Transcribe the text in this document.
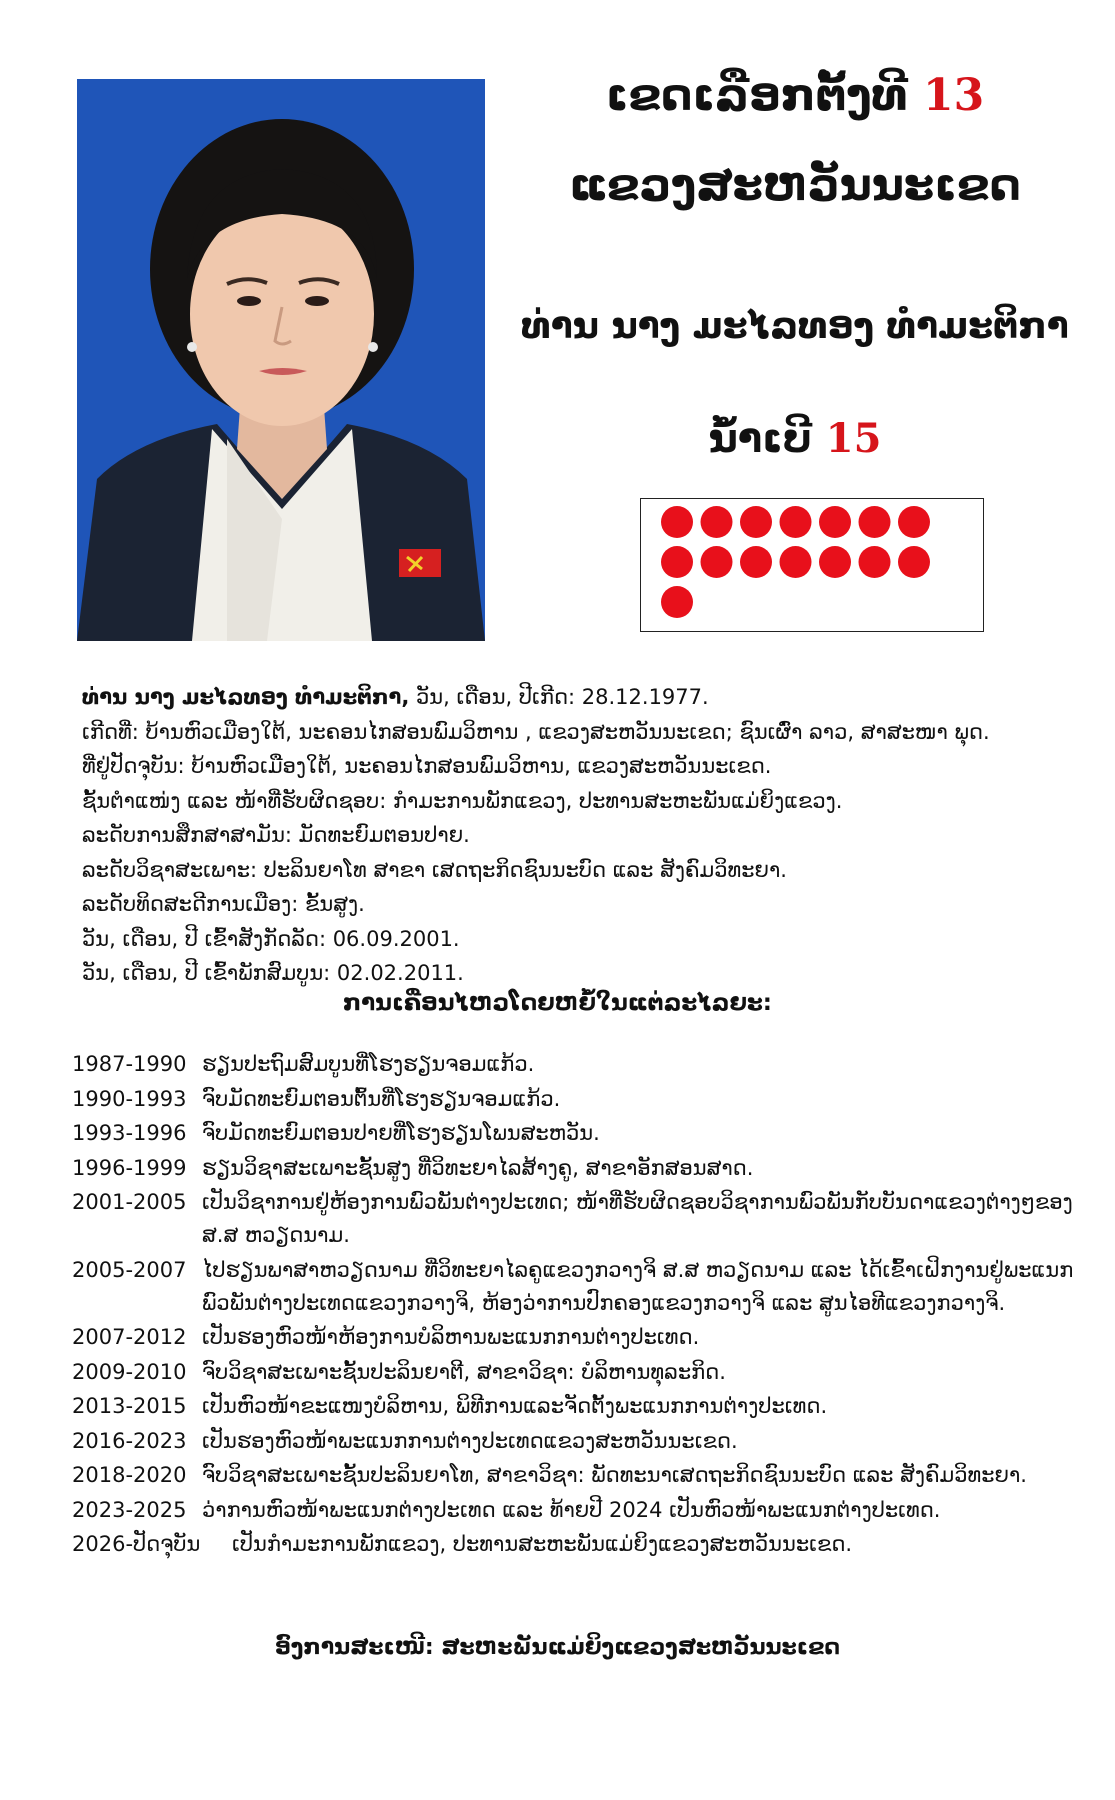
ເຂດເລືອກຕັ້ງທີ 13
ແຂວງສະຫວັນນະເຂດ
ທ່ານ ນາງ ມະໄລທອງ ທຳມະຕິກາ
ນ້ຳເບີ 15
ທ່ານ ນາງ ມະໄລທອງ ທຳມະຕິກາ, ວັນ, ເດືອນ, ປີເກີດ: 28.12.1977.
ເກີດທີ່: ບ້ານຫົວເມືອງໃຕ້, ນະຄອນໄກສອນພົມວິຫານ , ແຂວງສະຫວັນນະເຂດ; ຊົນເຜົ່າ ລາວ, ສາສະໜາ ພຸດ.
ທີ່ຢູ່ປັດຈຸບັນ: ບ້ານຫົວເມືອງໃຕ້, ນະຄອນໄກສອນພົມວິຫານ, ແຂວງສະຫວັນນະເຂດ.
ຊັ້ນຕຳແໜ່ງ ແລະ ໜ້າທີ່ຮັບຜິດຊອບ: ກຳມະການພັກແຂວງ, ປະທານສະຫະພັນແມ່ຍິງແຂວງ.
ລະດັບການສຶກສາສາມັນ: ມັດທະຍົມຕອນປາຍ.
ລະດັບວິຊາສະເພາະ: ປະລິນຍາໂທ ສາຂາ ເສດຖະກິດຊົນນະບົດ ແລະ ສັງຄົມວິທະຍາ.
ລະດັບທິດສະດີການເມືອງ: ຂັ້ນສູງ.
ວັນ, ເດືອນ, ປີ ເຂົ້າສັງກັດລັດ: 06.09.2001.
ວັນ, ເດືອນ, ປີ ເຂົ້າພັກສົມບູນ: 02.02.2011.
ການເຄື່ອນໄຫວໂດຍຫຍໍ້ໃນແຕ່ລະໄລຍະ:
1987-1990 ຮຽນປະຖົມສົມບູນທີ່ໂຮງຮຽນຈອມແກ້ວ.
1990-1993 ຈົບມັດທະຍົມຕອນຕົ້ນທີ່ໂຮງຮຽນຈອມແກ້ວ.
1993-1996 ຈົບມັດທະຍົມຕອນປາຍທີ່ໂຮງຮຽນໂພນສະຫວັນ.
1996-1999 ຮຽນວິຊາສະເພາະຊັ້ນສູງ ທີ່ວິທະຍາໄລສ້າງຄູ, ສາຂາອັກສອນສາດ.
2001-2005 ເປັນວິຊາການຢູ່ຫ້ອງການພົວພັນຕ່າງປະເທດ; ໜ້າທີ່ຮັບຜິດຊອບວິຊາການພົວພັນກັບບັນດາແຂວງຕ່າງໆຂອງ ສ.ສ ຫວຽດນາມ.
2005-2007 ໄປຮຽນພາສາຫວຽດນາມ ທີ່ວິທະຍາໄລຄູແຂວງກວາງຈິ ສ.ສ ຫວຽດນາມ ແລະ ໄດ້ເຂົ້າເຝິກງານຢູ່ພະແນກພົວພັນຕ່າງປະເທດແຂວງກວາງຈິ, ຫ້ອງວ່າການປົກຄອງແຂວງກວາງຈິ ແລະ ສູນໄອທີແຂວງກວາງຈິ.
2007-2012 ເປັນຮອງຫົວໜ້າຫ້ອງການບໍລິຫານພະແນກການຕ່າງປະເທດ.
2009-2010 ຈົບວິຊາສະເພາະຊັ້ນປະລິນຍາຕີ, ສາຂາວິຊາ: ບໍລິຫານທຸລະກິດ.
2013-2015 ເປັນຫົວໜ້າຂະແໜງບໍລິຫານ, ພິທີການແລະຈັດຕັ້ງພະແນກການຕ່າງປະເທດ.
2016-2023 ເປັນຮອງຫົວໜ້າພະແນກການຕ່າງປະເທດແຂວງສະຫວັນນະເຂດ.
2018-2020 ຈົບວິຊາສະເພາະຊັ້ນປະລິນຍາໂທ, ສາຂາວິຊາ: ພັດທະນາເສດຖະກິດຊົນນະບົດ ແລະ ສັງຄົມວິທະຍາ.
2023-2025 ວ່າການຫົວໜ້າພະແນກຕ່າງປະເທດ ແລະ ທ້າຍປີ 2024 ເປັນຫົວໜ້າພະແນກຕ່າງປະເທດ.
2026-ປັດຈຸບັນ	ເປັນກຳມະການພັກແຂວງ, ປະທານສະຫະພັນແມ່ຍິງແຂວງສະຫວັນນະເຂດ.
ອົງການສະເໜີ: ສະຫະພັນແມ່ຍິງແຂວງສະຫວັນນະເຂດ
